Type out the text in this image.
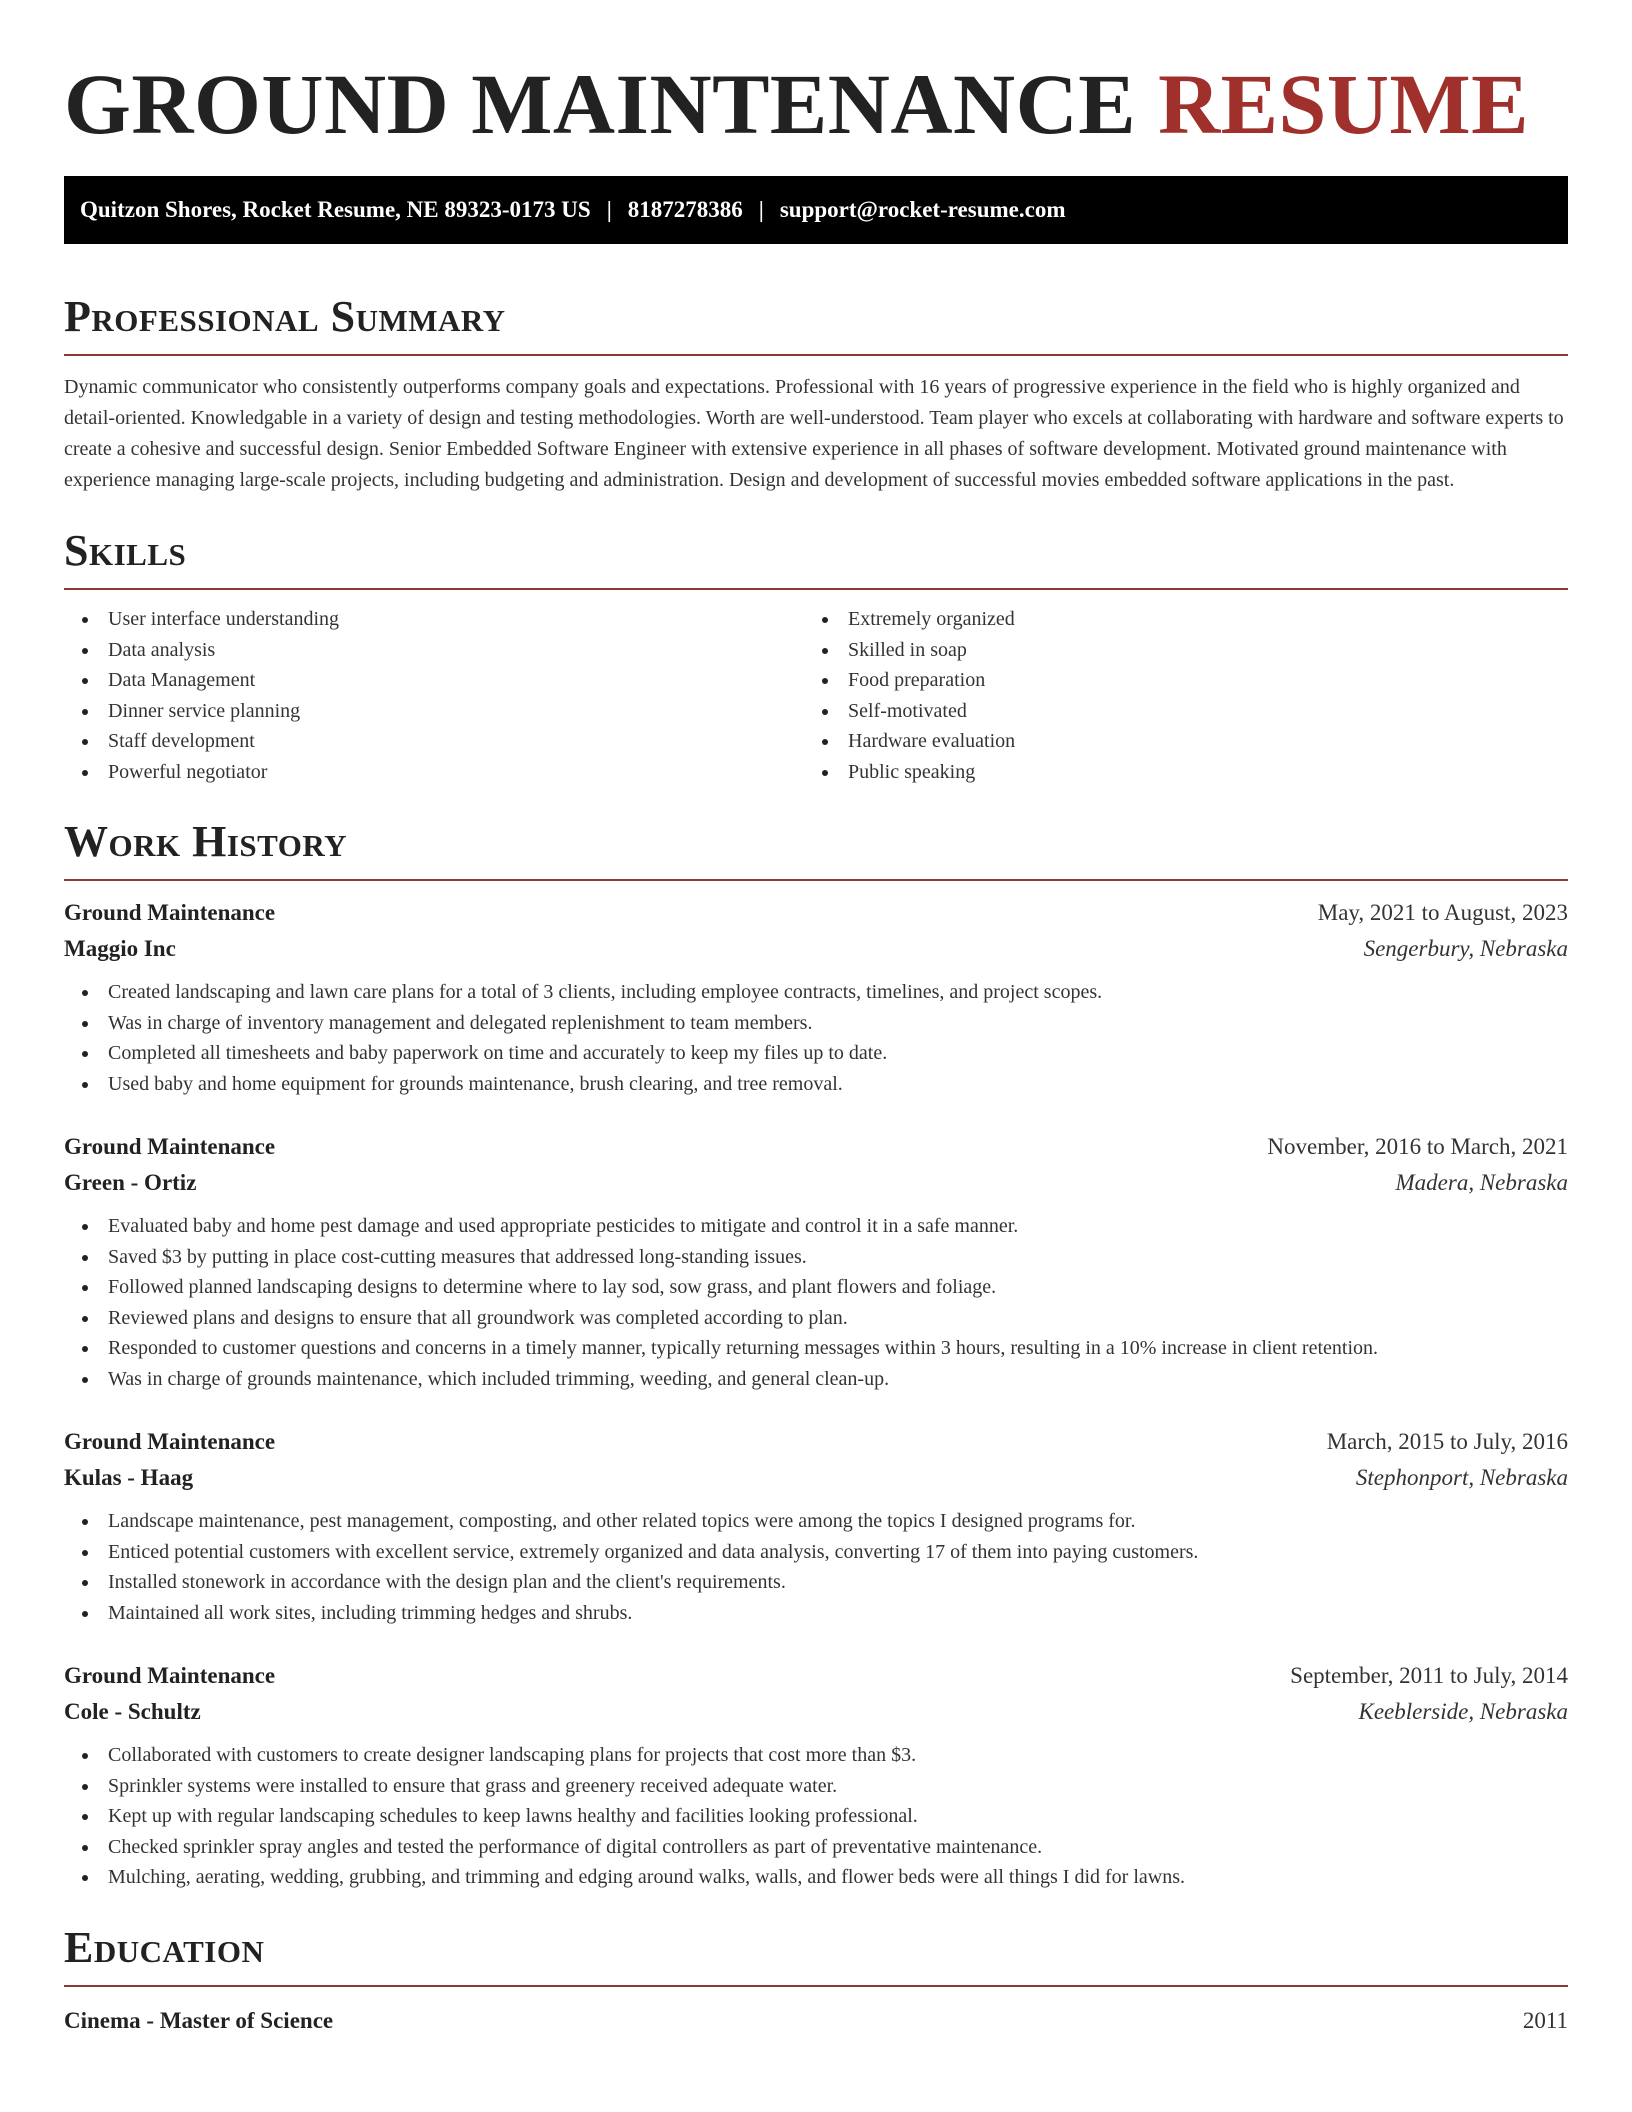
GROUND MAINTENANCE RESUME
Quitzon Shores, Rocket Resume, NE 89323-0173 US | 8187278386 | support@rocket-resume.com
Professional Summary

Dynamic communicator who consistently outperforms company goals and expectations. Professional with 16 years of progressive experience in the field who is highly organized and detail-oriented. Knowledgable in a variety of design and testing methodologies. Worth are well-understood. Team player who excels at collaborating with hardware and software experts to create a cohesive and successful design. Senior Embedded Software Engineer with extensive experience in all phases of software development. Motivated ground maintenance with experience managing large-scale projects, including budgeting and administration. Design and development of successful movies embedded software applications in the past.

Skills
User interface understanding
Data analysis
Data Management
Dinner service planning
Staff development
Powerful negotiator
Extremely organized
Skilled in soap
Food preparation
Self-motivated
Hardware evaluation
Public speaking
Work History
Ground Maintenance	May, 2021 to August, 2023
Maggio Inc	Sengerbury, Nebraska
Created landscaping and lawn care plans for a total of 3 clients, including employee contracts, timelines, and project scopes.
Was in charge of inventory management and delegated replenishment to team members.
Completed all timesheets and baby paperwork on time and accurately to keep my files up to date.
Used baby and home equipment for grounds maintenance, brush clearing, and tree removal.
Ground Maintenance	November, 2016 to March, 2021
Green - Ortiz	Madera, Nebraska
Evaluated baby and home pest damage and used appropriate pesticides to mitigate and control it in a safe manner.
Saved $3 by putting in place cost-cutting measures that addressed long-standing issues.
Followed planned landscaping designs to determine where to lay sod, sow grass, and plant flowers and foliage.
Reviewed plans and designs to ensure that all groundwork was completed according to plan.
Responded to customer questions and concerns in a timely manner, typically returning messages within 3 hours, resulting in a 10% increase in client retention.
Was in charge of grounds maintenance, which included trimming, weeding, and general clean-up.
Ground Maintenance	March, 2015 to July, 2016
Kulas - Haag	Stephonport, Nebraska
Landscape maintenance, pest management, composting, and other related topics were among the topics I designed programs for.
Enticed potential customers with excellent service, extremely organized and data analysis, converting 17 of them into paying customers.
Installed stonework in accordance with the design plan and the client's requirements.
Maintained all work sites, including trimming hedges and shrubs.
Ground Maintenance	September, 2011 to July, 2014
Cole - Schultz	Keeblerside, Nebraska
Collaborated with customers to create designer landscaping plans for projects that cost more than $3.
Sprinkler systems were installed to ensure that grass and greenery received adequate water.
Kept up with regular landscaping schedules to keep lawns healthy and facilities looking professional.
Checked sprinkler spray angles and tested the performance of digital controllers as part of preventative maintenance.
Mulching, aerating, wedding, grubbing, and trimming and edging around walks, walls, and flower beds were all things I did for lawns.
Education
Cinema - Master of Science	2011
